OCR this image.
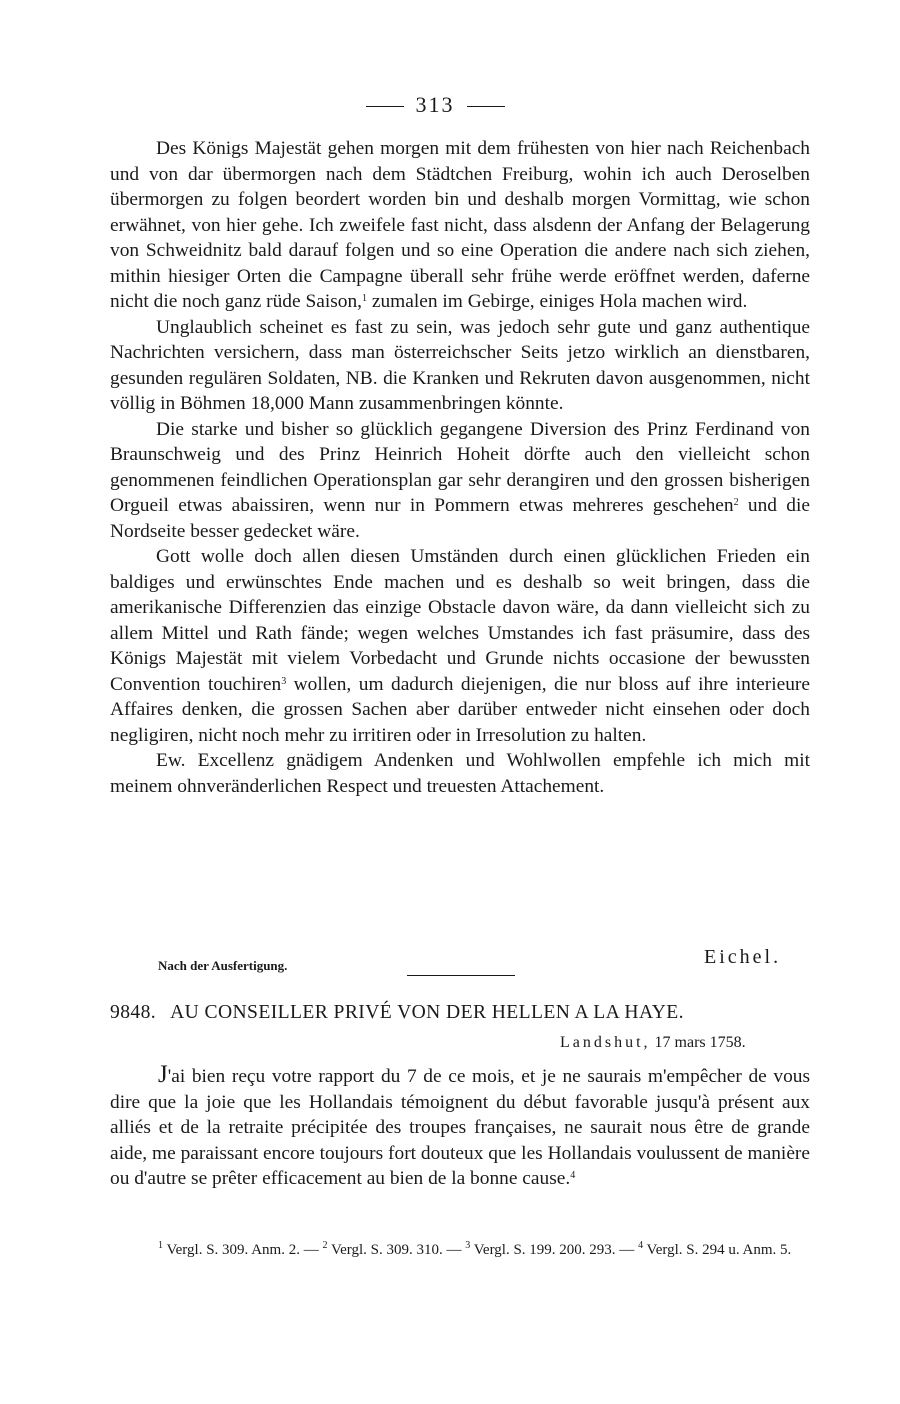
313

Des Königs Majestät gehen morgen mit dem frühesten von hier nach Reichenbach und von dar übermorgen nach dem Städtchen Freiburg, wohin ich auch Deroselben übermorgen zu folgen beordert worden bin und deshalb morgen Vormittag, wie schon erwähnet, von hier gehe. Ich zweifele fast nicht, dass alsdenn der Anfang der Belagerung von Schweidnitz bald darauf folgen und so eine Operation die andere nach sich ziehen, mithin hiesiger Orten die Campagne überall sehr frühe werde eröffnet werden, daferne nicht die noch ganz rüde Saison,$^1$ zumalen im Gebirge, einiges Hola machen wird.

Unglaublich scheinet es fast zu sein, was jedoch sehr gute und ganz authentique Nachrichten versichern, dass man österreichscher Seits jetzo wirklich an dienstbaren, gesunden regulären Soldaten, NB. die Kranken und Rekruten davon ausgenommen, nicht völlig in Böhmen 18,000 Mann zusammenbringen könnte.

Die starke und bisher so glücklich gegangene Diversion des Prinz Ferdinand von Braunschweig und des Prinz Heinrich Hoheit dörfte auch den vielleicht schon genommenen feindlichen Operationsplan gar sehr derangiren und den grossen bisherigen Orgueil etwas abaissiren, wenn nur in Pommern etwas mehreres geschehen$^2$ und die Nordseite besser gedecket wäre.

Gott wolle doch allen diesen Umständen durch einen glücklichen Frieden ein baldiges und erwünschtes Ende machen und es deshalb so weit bringen, dass die amerikanische Differenzien das einzige Obstacle davon wäre, da dann vielleicht sich zu allem Mittel und Rath fände; wegen welches Umstandes ich fast präsumire, dass des Königs Majestät mit vielem Vorbedacht und Grunde nichts occasione der bewussten Convention touchiren$^3$ wollen, um dadurch diejenigen, die nur bloss auf ihre interieure Affaires denken, die grossen Sachen aber darüber entweder nicht einsehen oder doch negligiren, nicht noch mehr zu irritiren oder in Irresolution zu halten.

Ew. Excellenz gnädigem Andenken und Wohlwollen empfehle ich mich mit meinem ohnveränderlichen Respect und treuesten Attachement.

Nach der Ausfertigung.	Eichel.
9848. AU CONSEILLER PRIVÉ VON DER HELLEN A LA HAYE.
Landshut, 17 mars 1758.

J'ai bien reçu votre rapport du 7 de ce mois, et je ne saurais m'empêcher de vous dire que la joie que les Hollandais témoignent du début favorable jusqu'à présent aux alliés et de la retraite précipitée des troupes françaises, ne saurait nous être de grande aide, me paraissant encore toujours fort douteux que les Hollandais voulussent de manière ou d'autre se prêter efficacement au bien de la bonne cause.$^4$

$^1$ Vergl. S. 309. Anm. 2. — $^2$ Vergl. S. 309. 310. — $^3$ Vergl. S. 199. 200. 293. — $^4$ Vergl. S. 294 u. Anm. 5.
